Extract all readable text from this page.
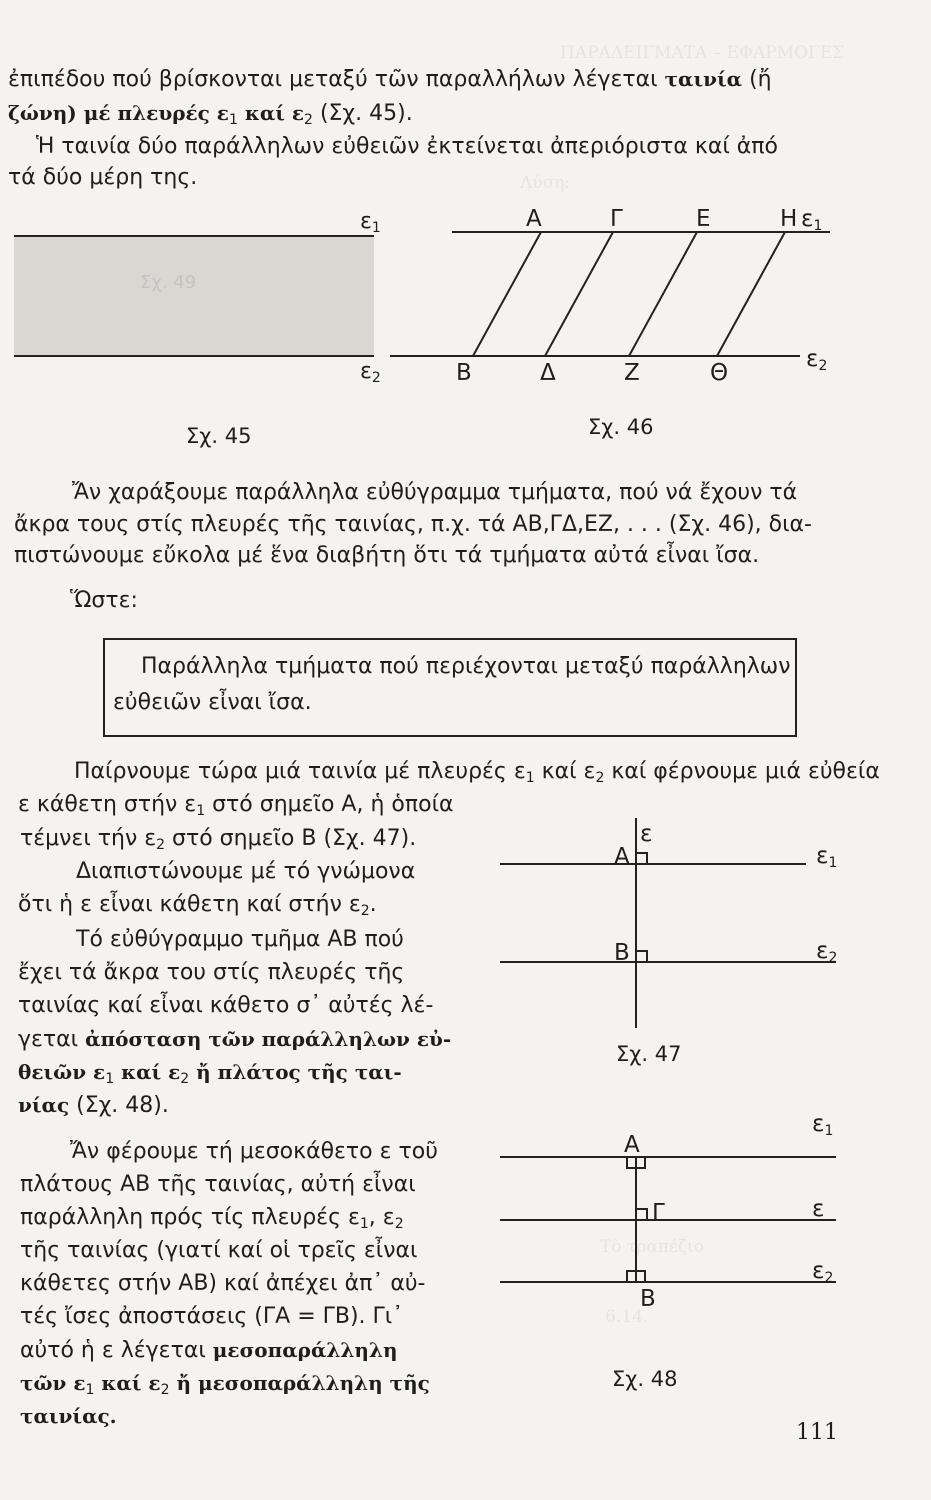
ΠΑΡΑΔΕΙΓΜΑΤΑ – ΕΦΑΡΜΟΓΕΣ
Τὸ τραπέζιο
6.14.
Λύση:
ἐπιπέδου πού βρίσκονται μεταξύ τῶν παραλλήλων λέγεται ταινία (ἤ
ζώνη) μέ πλευρές $\varepsilon_1$ καί $\varepsilon_2$ (Σχ. 45).
Ἡ ταινία δύο παράλληλων εὐθειῶν ἐκτείνεται ἀπεριόριστα καί ἀπό
τά δύο μέρη της.
ε1
ε2
Σχ. 49
Σχ. 45
Α	Γ	Ε	Η ε1
Β	Δ	Ζ	Θ
ε2
Σχ. 46
Ἄν χαράξουμε παράλληλα εὐθύγραμμα τμήματα, πού νά ἔχουν τά
ἄκρα τους στίς πλευρές τῆς ταινίας, π.χ. τά ΑΒ,ΓΔ,ΕΖ, . . . (Σχ. 46), δια-
πιστώνουμε εὔκολα μέ ἕνα διαβήτη ὅτι τά τμήματα αὐτά εἶναι ἴσα.
Ὥστε:
Παράλληλα τμήματα πού περιέχονται μεταξύ παράλληλων
εὐθειῶν εἶναι ἴσα.
Παίρνουμε τώρα μιά ταινία μέ πλευρές $\varepsilon_1$ καί $\varepsilon_2$ καί φέρνουμε μιά εὐθεία
ε κάθετη στήν $\varepsilon_1$ στό σημεῖο Α, ἡ ὁποία
τέμνει τήν $\varepsilon_2$ στό σημεῖο Β (Σχ. 47).
Διαπιστώνουμε μέ τό γνώμονα
ὅτι ἡ ε εἶναι κάθετη καί στήν $\varepsilon_2$.
Τό εὐθύγραμμο τμῆμα ΑΒ πού
ἔχει τά ἄκρα του στίς πλευρές τῆς
ταινίας καί εἶναι κάθετο σ᾽ αὐτές λέ-
γεται ἀπόσταση τῶν παράλληλων εὐ-
θειῶν $\varepsilon_1$ καί $\varepsilon_2$ ἤ πλάτος τῆς ται-
νίας (Σχ. 48).
Ἄν φέρουμε τή μεσοκάθετο ε τοῦ
πλάτους ΑΒ τῆς ταινίας, αὐτή εἶναι
παράλληλη πρός τίς πλευρές $\varepsilon_1$, $\varepsilon_2$
τῆς ταινίας (γιατί καί οἱ τρεῖς εἶναι
κάθετες στήν ΑΒ) καί ἀπέχει ἀπ᾽ αὐ-
τές ἴσες ἀποστάσεις (ΓΑ = ΓΒ). Γι᾽
αὐτό ἡ ε λέγεται μεσοπαράλληλη
τῶν $\varepsilon_1$ καί $\varepsilon_2$ ἤ μεσοπαράλληλη τῆς
ταινίας.
ε
Α
Β
ε1
ε2
Σχ. 47
Α
Γ
Β
ε1
ε
ε2
Σχ. 48
111
